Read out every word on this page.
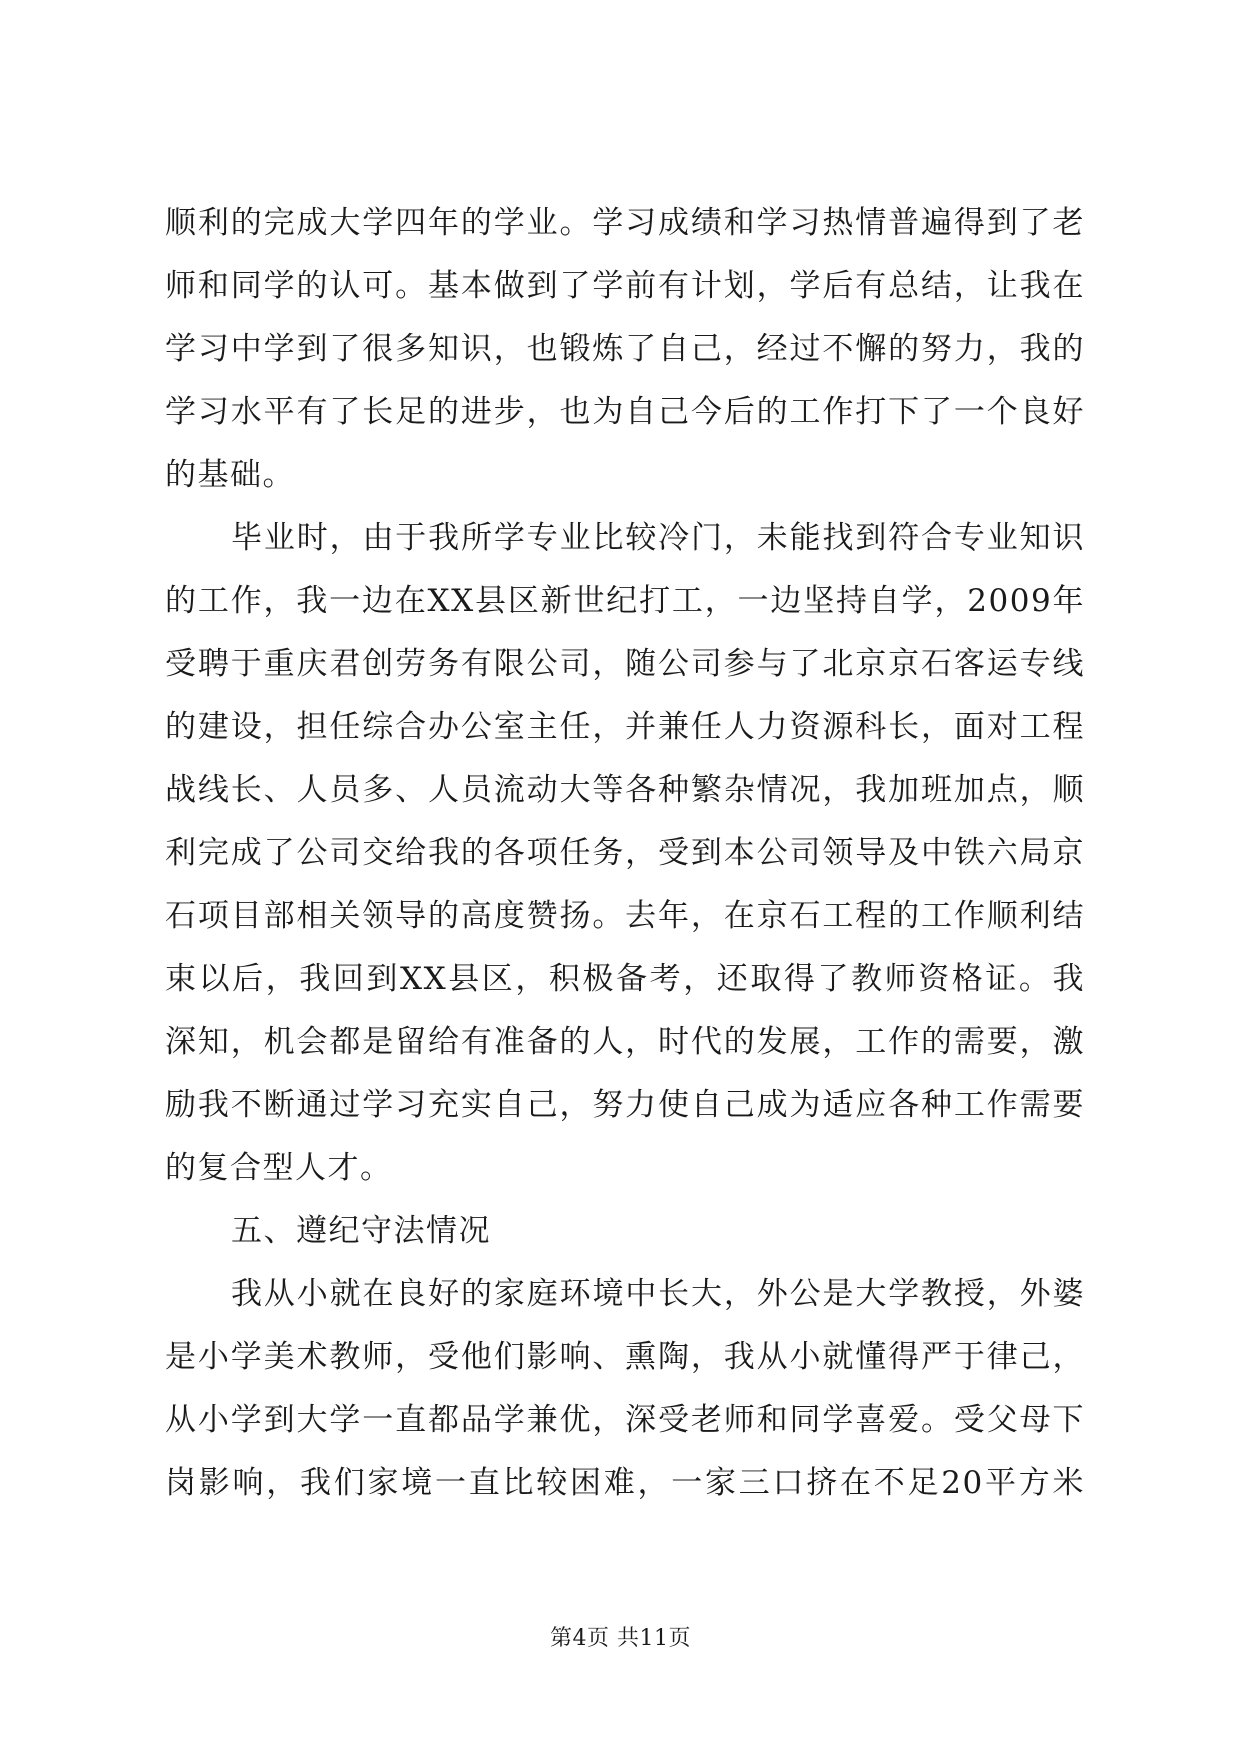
顺利的完成大学四年的学业。学习成绩和学习热情普遍得到了老
师和同学的认可。基本做到了学前有计划，学后有总结，让我在
学习中学到了很多知识，也锻炼了自己，经过不懈的努力，我的
学习水平有了长足的进步，也为自己今后的工作打下了一个良好
的基础。
毕业时，由于我所学专业比较冷门，未能找到符合专业知识
的工作，我一边在XX县区新世纪打工，一边坚持自学，2009年
受聘于重庆君创劳务有限公司，随公司参与了北京京石客运专线
的建设，担任综合办公室主任，并兼任人力资源科长，面对工程
战线长、人员多、人员流动大等各种繁杂情况，我加班加点，顺
利完成了公司交给我的各项任务，受到本公司领导及中铁六局京
石项目部相关领导的高度赞扬。去年，在京石工程的工作顺利结
束以后，我回到XX县区，积极备考，还取得了教师资格证。我
深知，机会都是留给有准备的人，时代的发展，工作的需要，激
励我不断通过学习充实自己，努力使自己成为适应各种工作需要
的复合型人才。
五、遵纪守法情况
我从小就在良好的家庭环境中长大，外公是大学教授，外婆
是小学美术教师，受他们影响、熏陶，我从小就懂得严于律己，
从小学到大学一直都品学兼优，深受老师和同学喜爱。受父母下
岗影响，我们家境一直比较困难，一家三口挤在不足20平方米
第4页 共11页
